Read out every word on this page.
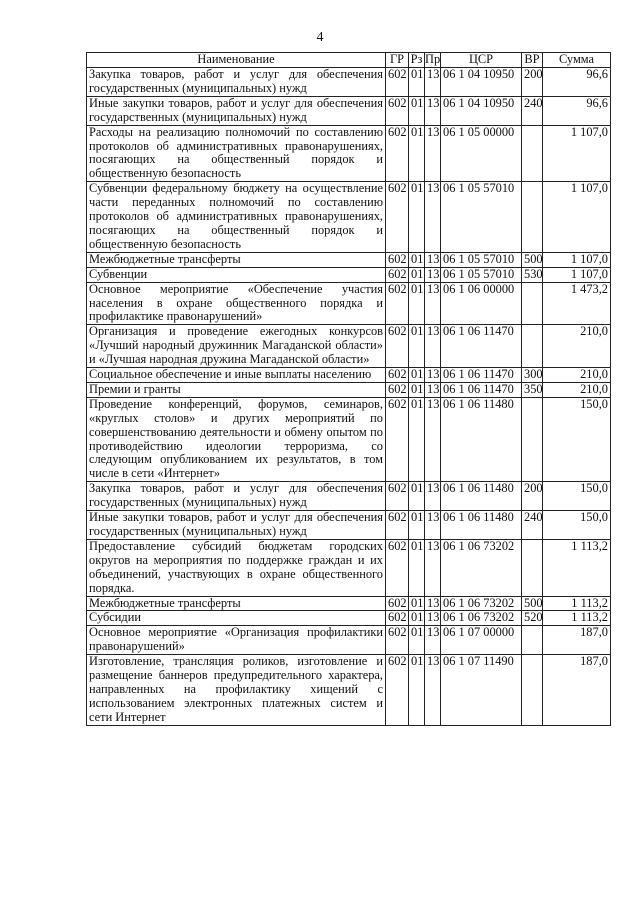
4
Наименование	ГР	Рз	Пр	ЦСР	ВР	Сумма
Закупка товаров, работ и услуг для обеспечения государственных (муниципальных) нужд	602	01	13	06 1 04 10950	200	96,6
Иные закупки товаров, работ и услуг для обеспечения государственных (муниципальных) нужд	602	01	13	06 1 04 10950	240	96,6
Расходы на реализацию полномочий по составлению протоколов об административных правонарушениях, посягающих на общественный порядок и общественную безопасность	602	01	13	06 1 05 00000		1 107,0
Субвенции федеральному бюджету на осуществление части переданных полномочий по составлению протоколов об административных правонарушениях, посягающих на общественный порядок и общественную безопасность	602	01	13	06 1 05 57010		1 107,0
Межбюджетные трансферты	602	01	13	06 1 05 57010	500	1 107,0
Субвенции	602	01	13	06 1 05 57010	530	1 107,0
Основное мероприятие «Обеспечение участия населения в охране общественного порядка и профилактике правонарушений»	602	01	13	06 1 06 00000		1 473,2
Организация и проведение ежегодных конкурсов «Лучший народный дружинник Магаданской области» и «Лучшая народная дружина Магаданской области»	602	01	13	06 1 06 11470		210,0
Социальное обеспечение и иные выплаты населению	602	01	13	06 1 06 11470	300	210,0
Премии и гранты	602	01	13	06 1 06 11470	350	210,0
Проведение конференций, форумов, семинаров, «круглых столов» и других мероприятий по совершенствованию деятельности и обмену опытом по противодействию идеологии терроризма, со следующим опубликованием их результатов, в том числе в сети «Интернет»	602	01	13	06 1 06 11480		150,0
Закупка товаров, работ и услуг для обеспечения государственных (муниципальных) нужд	602	01	13	06 1 06 11480	200	150,0
Иные закупки товаров, работ и услуг для обеспечения государственных (муниципальных) нужд	602	01	13	06 1 06 11480	240	150,0
Предоставление субсидий бюджетам городских округов на мероприятия по поддержке граждан и их объединений, участвующих в охране общественного порядка.	602	01	13	06 1 06 73202		1 113,2
Межбюджетные трансферты	602	01	13	06 1 06 73202	500	1 113,2
Субсидии	602	01	13	06 1 06 73202	520	1 113,2
Основное мероприятие «Организация профилактики правонарушений»	602	01	13	06 1 07 00000		187,0
Изготовление, трансляция роликов, изготовление и размещение баннеров предупредительного характера, направленных на профилактику хищений с использованием электронных платежных систем и сети Интернет	602	01	13	06 1 07 11490		187,0
